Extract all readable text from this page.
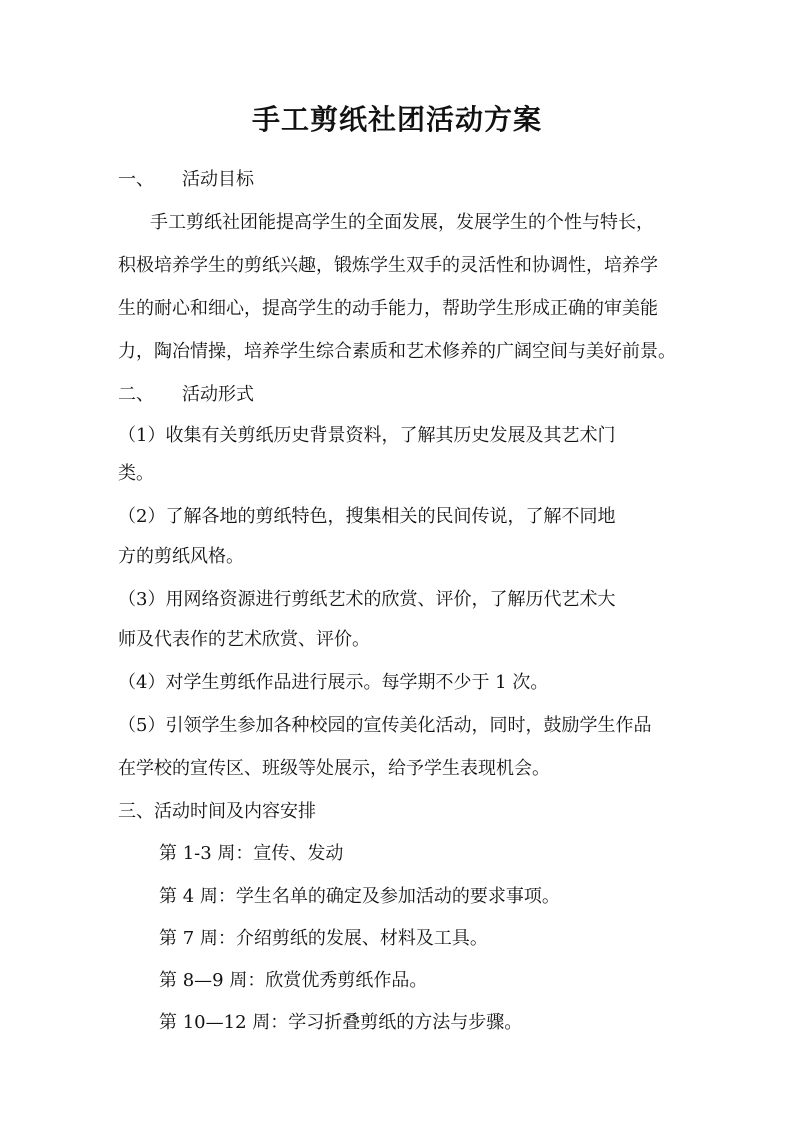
手工剪纸社团活动方案
一、 活动目标
手工剪纸社团能提高学生的全面发展，发展学生的个性与特长，
积极培养学生的剪纸兴趣，锻炼学生双手的灵活性和协调性，培养学
生的耐心和细心，提高学生的动手能力，帮助学生形成正确的审美能
力，陶冶情操，培养学生综合素质和艺术修养的广阔空间与美好前景。
二、 活动形式
（1）收集有关剪纸历史背景资料，了解其历史发展及其艺术门
类。
（2）了解各地的剪纸特色，搜集相关的民间传说，了解不同地
方的剪纸风格。
（3）用网络资源进行剪纸艺术的欣赏、评价，了解历代艺术大
师及代表作的艺术欣赏、评价。
（4）对学生剪纸作品进行展示。每学期不少于 1 次。
（5）引领学生参加各种校园的宣传美化活动，同时，鼓励学生作品
在学校的宣传区、班级等处展示，给予学生表现机会。
三、活动时间及内容安排
第 1-3 周：宣传、发动
第 4 周：学生名单的确定及参加活动的要求事项。
第 7 周：介绍剪纸的发展、材料及工具。
第 8—9 周：欣赏优秀剪纸作品。
第 10—12 周：学习折叠剪纸的方法与步骤。
